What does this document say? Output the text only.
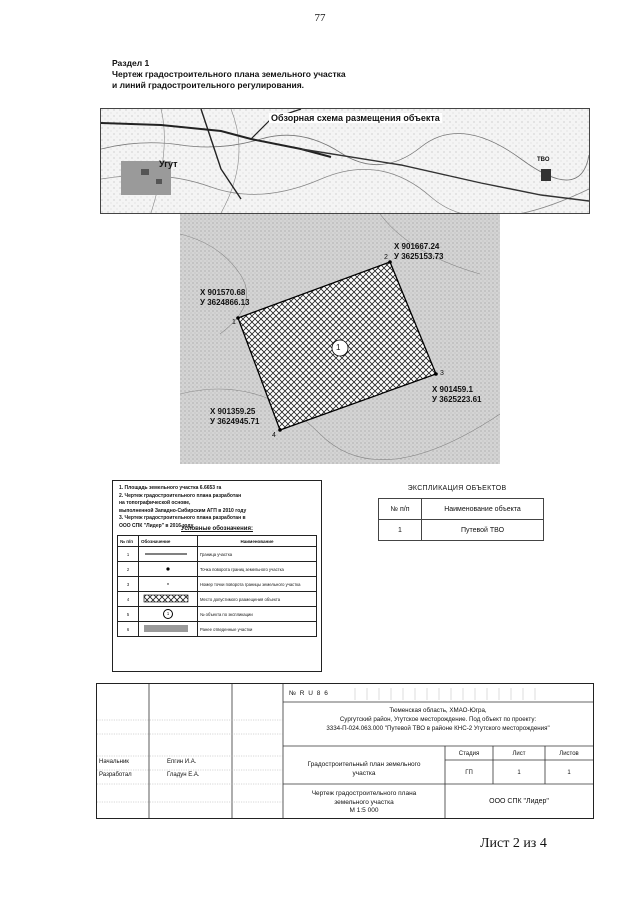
77
Раздел 1
Чертеж градостроительного плана земельного участка
и линий градостроительного регулирования.
Обзорная схема размещения объекта
Угут	ТВО
1
Х 901570.68
У 3624866.13
1
Х 901667.24
У 3625153.73
2
Х 901459.1
У 3625223.61
3
Х 901359.25
У 3624945.71
4
1. Площадь земельного участка 6.6653 га
2. Чертеж градостроительного плана разработан
на топографической основе,
выполненной Западно-Сибирским АГП в 2010 году
3. Чертеж градостроительного плана разработан в
ООО СПК "Лидер" в 2016 году
Условные обозначения:
№ п/п	Обозначение	Наименование
1		Граница участка
2		Точка поворота границ земельного участка
3		Номер точки поворота границы земельного участка
4		Место допустимого размещения объекта
5	1	№ объекта по экспликации
6		Ранее отведенные участки
ЭКСПЛИКАЦИЯ ОБЪЕКТОВ
№ п/п	Наименование объекта
1	Путевой ТВО
№ R U 8 6
Тюменская область, ХМАО-Югра,
Сургутский район, Угутское месторождение. Под объект по проекту:
3334-П-024.063.000 "Путевой ТВО в районе КНС-2 Угутского месторождения"
Начальник	Епгин И.А.
Разработал	Гладун Е.А.
Градостроительный план земельного
участка
Стадия	Лист	Листов
ГП	1	1
Чертеж градостроительного плана
земельного участка
М 1:5 000
ООО СПК "Лидер"
Лист 2 из 4
